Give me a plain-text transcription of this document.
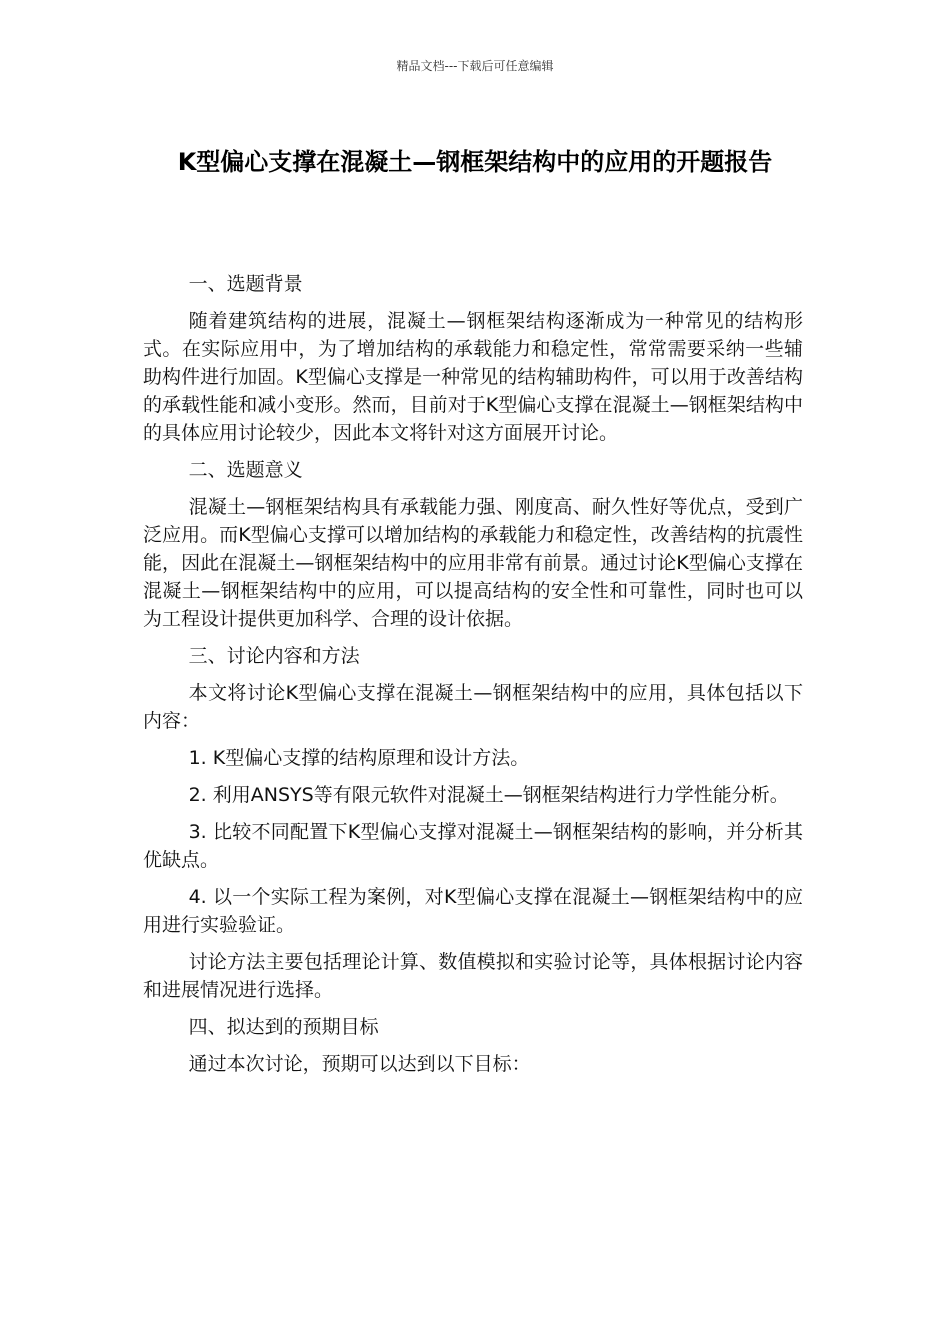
精品文档---下载后可任意编辑
K型偏心支撑在混凝土—钢框架结构中的应用的开题报告

一、选题背景

随着建筑结构的进展，混凝土—钢框架结构逐渐成为一种常见的结构形式。在实际应用中，为了增加结构的承载能力和稳定性，常常需要采纳一些辅助构件进行加固。K型偏心支撑是一种常见的结构辅助构件，可以用于改善结构的承载性能和减小变形。然而，目前对于K型偏心支撑在混凝土—钢框架结构中的具体应用讨论较少，因此本文将针对这方面展开讨论。

二、选题意义

混凝土—钢框架结构具有承载能力强、刚度高、耐久性好等优点，受到广泛应用。而K型偏心支撑可以增加结构的承载能力和稳定性，改善结构的抗震性能，因此在混凝土—钢框架结构中的应用非常有前景。通过讨论K型偏心支撑在混凝土—钢框架结构中的应用，可以提高结构的安全性和可靠性，同时也可以为工程设计提供更加科学、合理的设计依据。

三、讨论内容和方法

本文将讨论K型偏心支撑在混凝土—钢框架结构中的应用，具体包括以下内容：

1. K型偏心支撑的结构原理和设计方法。

2. 利用ANSYS等有限元软件对混凝土—钢框架结构进行力学性能分析。

3. 比较不同配置下K型偏心支撑对混凝土—钢框架结构的影响，并分析其优缺点。

4. 以一个实际工程为案例，对K型偏心支撑在混凝土—钢框架结构中的应用进行实验验证。

讨论方法主要包括理论计算、数值模拟和实验讨论等，具体根据讨论内容和进展情况进行选择。

四、拟达到的预期目标

通过本次讨论，预期可以达到以下目标：
